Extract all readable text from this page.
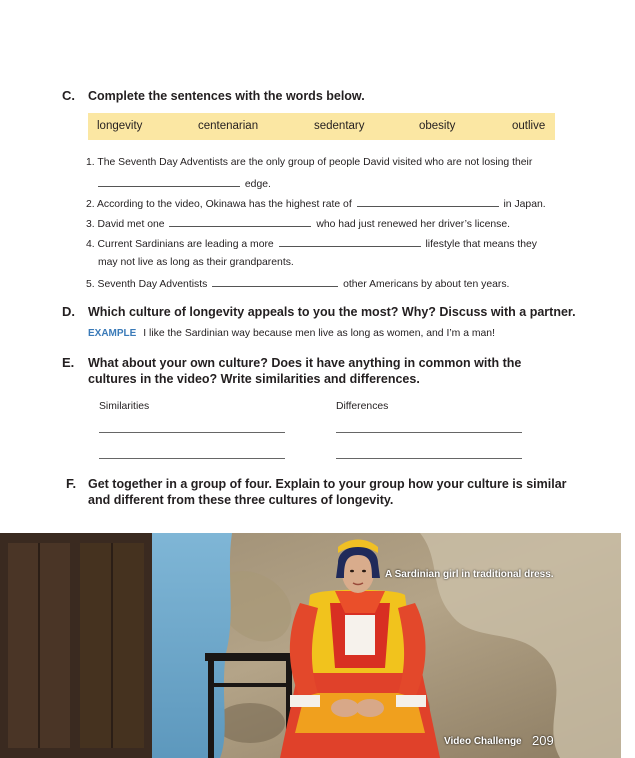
C. Complete the sentences with the words below.
longevity	centenarian	sedentary	obesity	outlive
1. The Seventh Day Adventists are the only group of people David visited who are not losing their
edge.
2. According to the video, Okinawa has the highest rate of	in Japan.
3. David met one	who had just renewed her driver’s license.
4. Current Sardinians are leading a more	lifestyle that means they
may not live as long as their grandparents.
5. Seventh Day Adventists	other Americans by about ten years.
D. Which culture of longevity appeals to you the most? Why? Discuss with a partner.
EXAMPLE I like the Sardinian way because men live as long as women, and I’m a man!
E. What about your own culture? Does it have anything in common with the
cultures in the video? Write similarities and differences.
Similarities	Differences
F. Get together in a group of four. Explain to your group how your culture is similar
and different from these three cultures of longevity.
A Sardinian girl in traditional dress.
Video Challenge 209
